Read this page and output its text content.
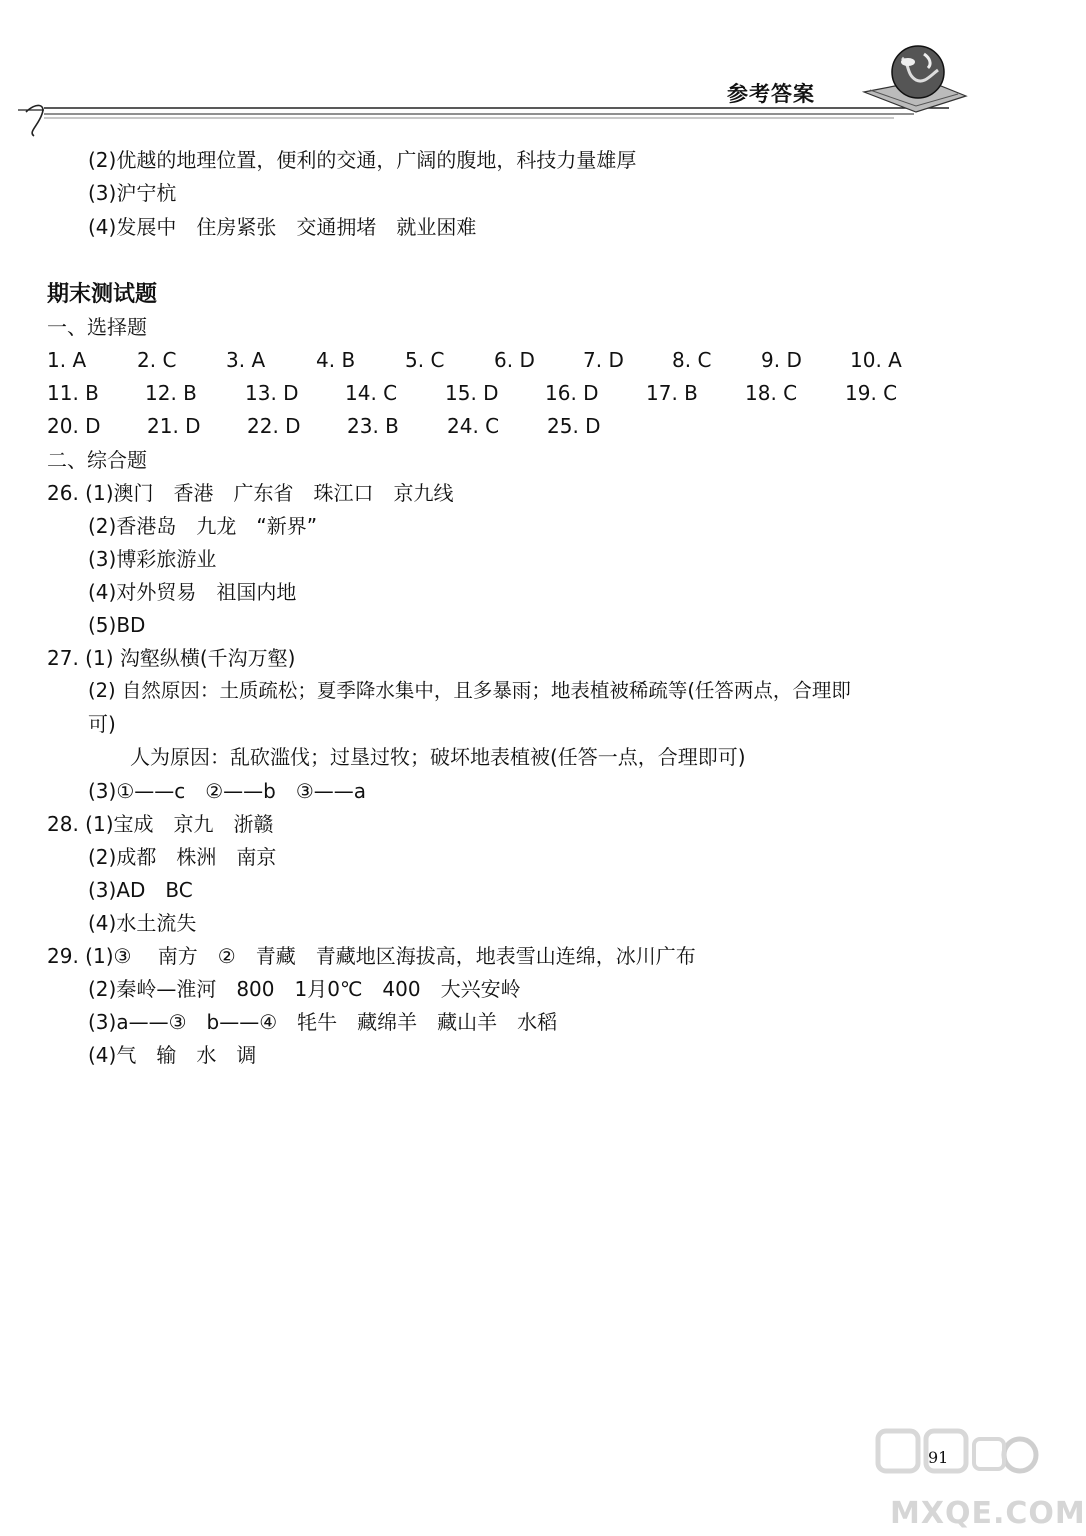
参考答案
(2)优越的地理位置，便利的交通，广阔的腹地，科技力量雄厚
(3)沪宁杭
(4)发展中　住房紧张　交通拥堵　就业困难
期末测试题
一、选择题
1. A	2. C 3. A	4. B 5. C 6. D 7. D 8. C 9. D 10. A
11. B 12. B 13. D 14. C 15. D 16. D 17. B 18. C 19. C
20. D 21. D 22. D 23. B 24. C 25. D
二、综合题
26. (1)澳门　香港　广东省　珠江口　京九线
(2)香港岛　九龙　“新界”
(3)博彩旅游业
(4)对外贸易　祖国内地
(5)BD
27. (1) 沟壑纵横(千沟万壑)
(2) 自然原因：土质疏松；夏季降水集中，且多暴雨；地表植被稀疏等(任答两点，合理即
可)
人为原因：乱砍滥伐；过垦过牧；破坏地表植被(任答一点，合理即可)
(3)①——c　②——b　③——a
28. (1)宝成　京九　浙赣
(2)成都　株洲　南京
(3)AD　BC
(4)水土流失
29. (1)③　 南方　②　青藏　青藏地区海拔高，地表雪山连绵，冰川广布
(2)秦岭—淮河　800　1月0℃　400　大兴安岭
(3)a——③　b——④　牦牛　藏绵羊　藏山羊　水稻
(4)气　输　水　调
91
MXQE.COM
